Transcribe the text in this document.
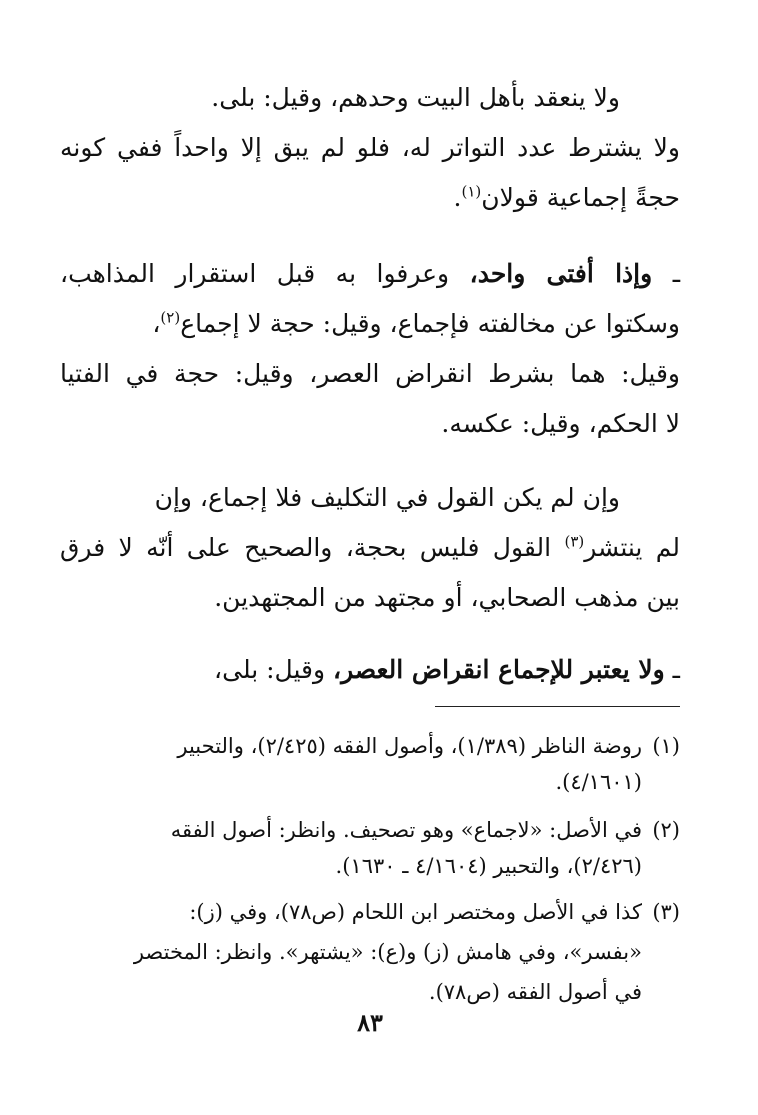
ولا ينعقد بأهل البيت وحدهم، وقيل: بلى.
ولا يشترط عدد التواتر له، فلو لم يبق إلا واحداً ففي كونه
حجةً إجماعية قولان$^{(١)}$.
ـ وإذا أفتى واحد، وعرفوا به قبل استقرار المذاهب،
وسكتوا عن مخالفته فإجماع، وقيل: حجة لا إجماع$^{(٢)}$،
وقيل: هما بشرط انقراض العصر، وقيل: حجة في الفتيا
لا الحكم، وقيل: عكسه.
وإن لم يكن القول في التكليف فلا إجماع، وإن
لم ينتشر$^{(٣)}$ القول فليس بحجة، والصحيح على أنّه لا فرق
بين مذهب الصحابي، أو مجتهد من المجتهدين.
ـ ولا يعتبر للإجماع انقراض العصر، وقيل: بلى،
(١)روضة الناظر (١/٣٨٩)، وأصول الفقه (٢/٤٢٥)، والتحبير
(٤/١٦٠١).
(٢)في الأصل: «لاجماع» وهو تصحيف. وانظر: أصول الفقه
(٢/٤٢٦)، والتحبير (٤/١٦٠٤ ـ ١٦٣٠).
(٣)كذا في الأصل ومختصر ابن اللحام (ص٧٨)، وفي (ز):
«بفسر»، وفي هامش (ز) و(ع): «يشتهر». وانظر: المختصر
في أصول الفقه (ص٧٨).
٨٣
